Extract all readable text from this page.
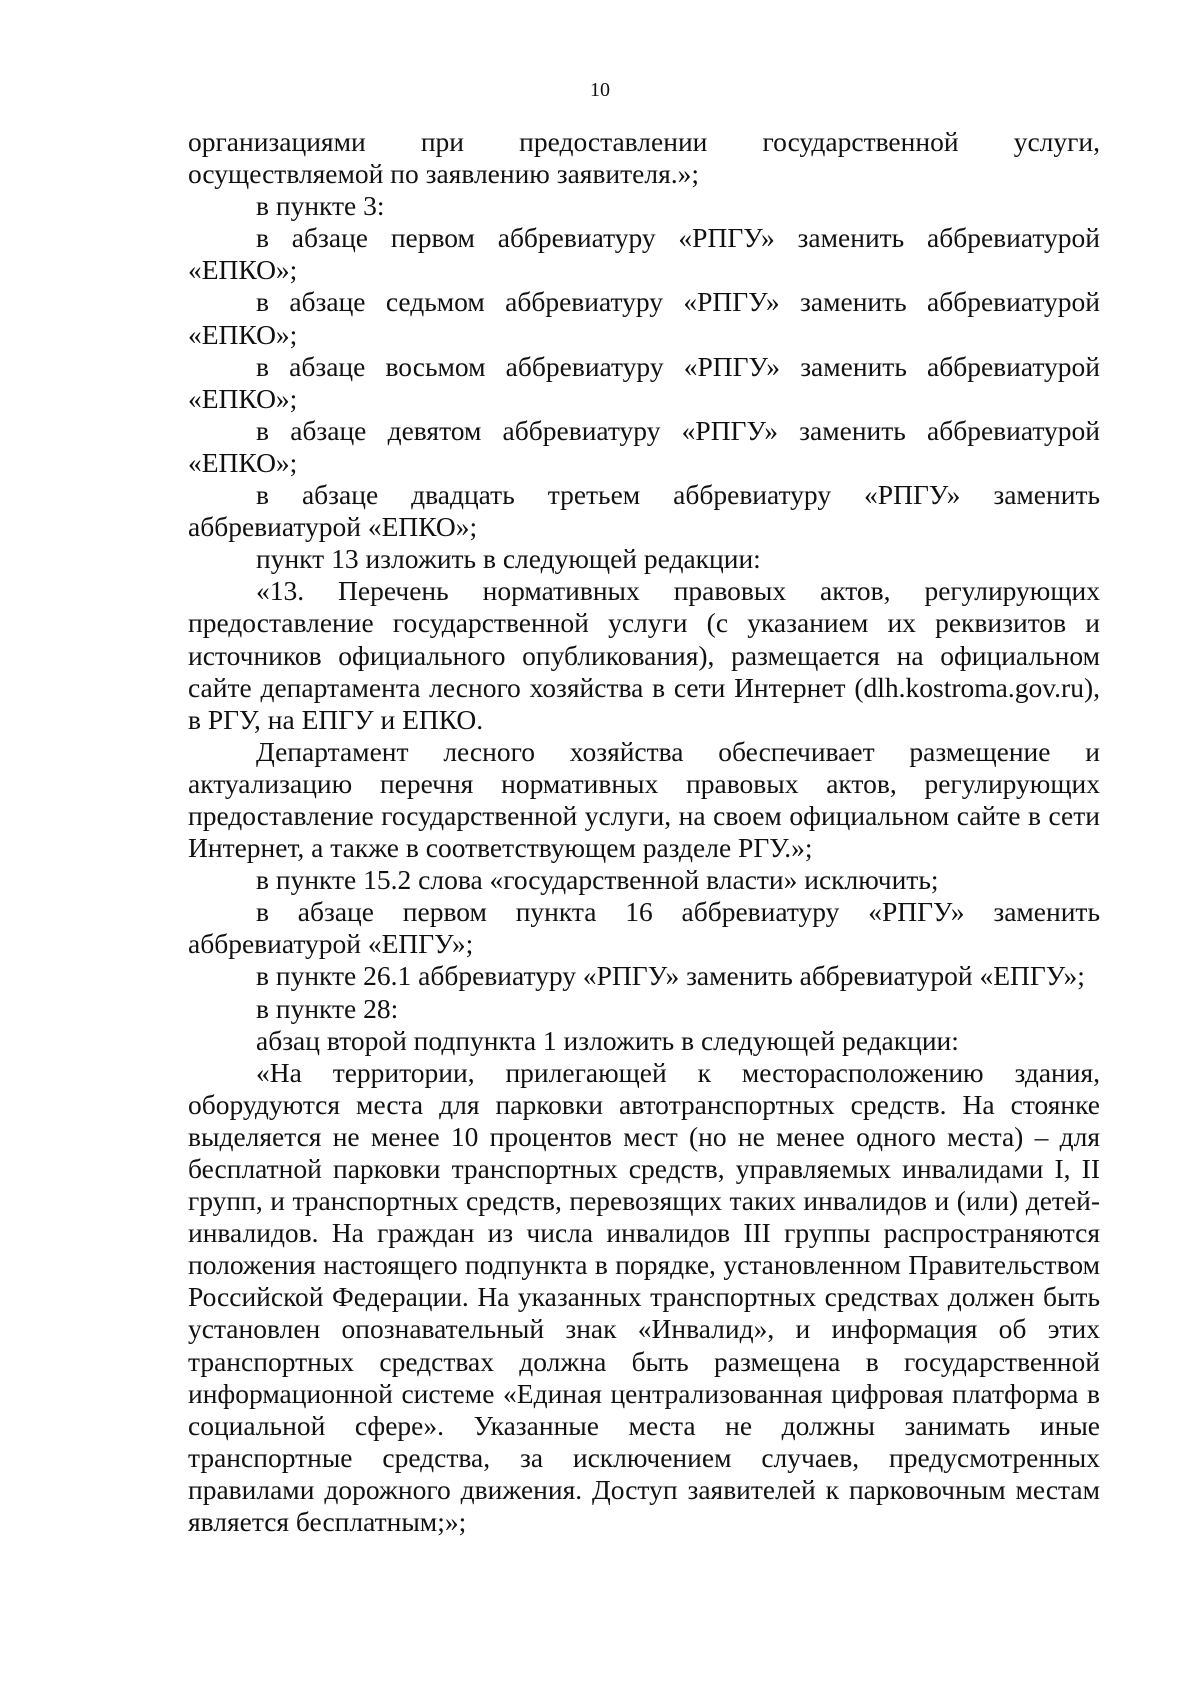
10

организациями при предоставлении государственной услуги, осуществляемой по заявлению заявителя.»;

в пункте 3:

в абзаце первом аббревиатуру «РПГУ» заменить аббревиатурой «ЕПКО»;

в абзаце седьмом аббревиатуру «РПГУ» заменить аббревиатурой «ЕПКО»;

в абзаце восьмом аббревиатуру «РПГУ» заменить аббревиатурой «ЕПКО»;

в абзаце девятом аббревиатуру «РПГУ» заменить аббревиатурой «ЕПКО»;

в абзаце двадцать третьем аббревиатуру «РПГУ» заменить аббревиатурой «ЕПКО»;

пункт 13 изложить в следующей редакции:

«13. Перечень нормативных правовых актов, регулирующих предоставление государственной услуги (с указанием их реквизитов и источников официального опубликования), размещается на официальном сайте департамента лесного хозяйства в сети Интернет (dlh.kostroma.gov.ru), в РГУ, на ЕПГУ и ЕПКО.

Департамент лесного хозяйства обеспечивает размещение и актуализацию перечня нормативных правовых актов, регулирующих предоставление государственной услуги, на своем официальном сайте в сети Интернет, а также в соответствующем разделе РГУ.»;

в пункте 15.2 слова «государственной власти» исключить;

в абзаце первом пункта 16 аббревиатуру «РПГУ» заменить аббревиатурой «ЕПГУ»;

в пункте 26.1 аббревиатуру «РПГУ» заменить аббревиатурой «ЕПГУ»;

в пункте 28:

абзац второй подпункта 1 изложить в следующей редакции:

«На территории, прилегающей к месторасположению здания, оборудуются места для парковки автотранспортных средств. На стоянке выделяется не менее 10 процентов мест (но не менее одного места) – для бесплатной парковки транспортных средств, управляемых инвалидами I, II групп, и транспортных средств, перевозящих таких инвалидов и (или) детей-инвалидов. На граждан из числа инвалидов III группы распространяются положения настоящего подпункта в порядке, установленном Правительством Российской Федерации. На указанных транспортных средствах должен быть установлен опознавательный знак «Инвалид», и информация об этих транспортных средствах должна быть размещена в государственной информационной системе «Единая централизованная цифровая платформа в социальной сфере». Указанные места не должны занимать иные транспортные средства, за исключением случаев, предусмотренных правилами дорожного движения. Доступ заявителей к парковочным местам является бесплатным;»;
